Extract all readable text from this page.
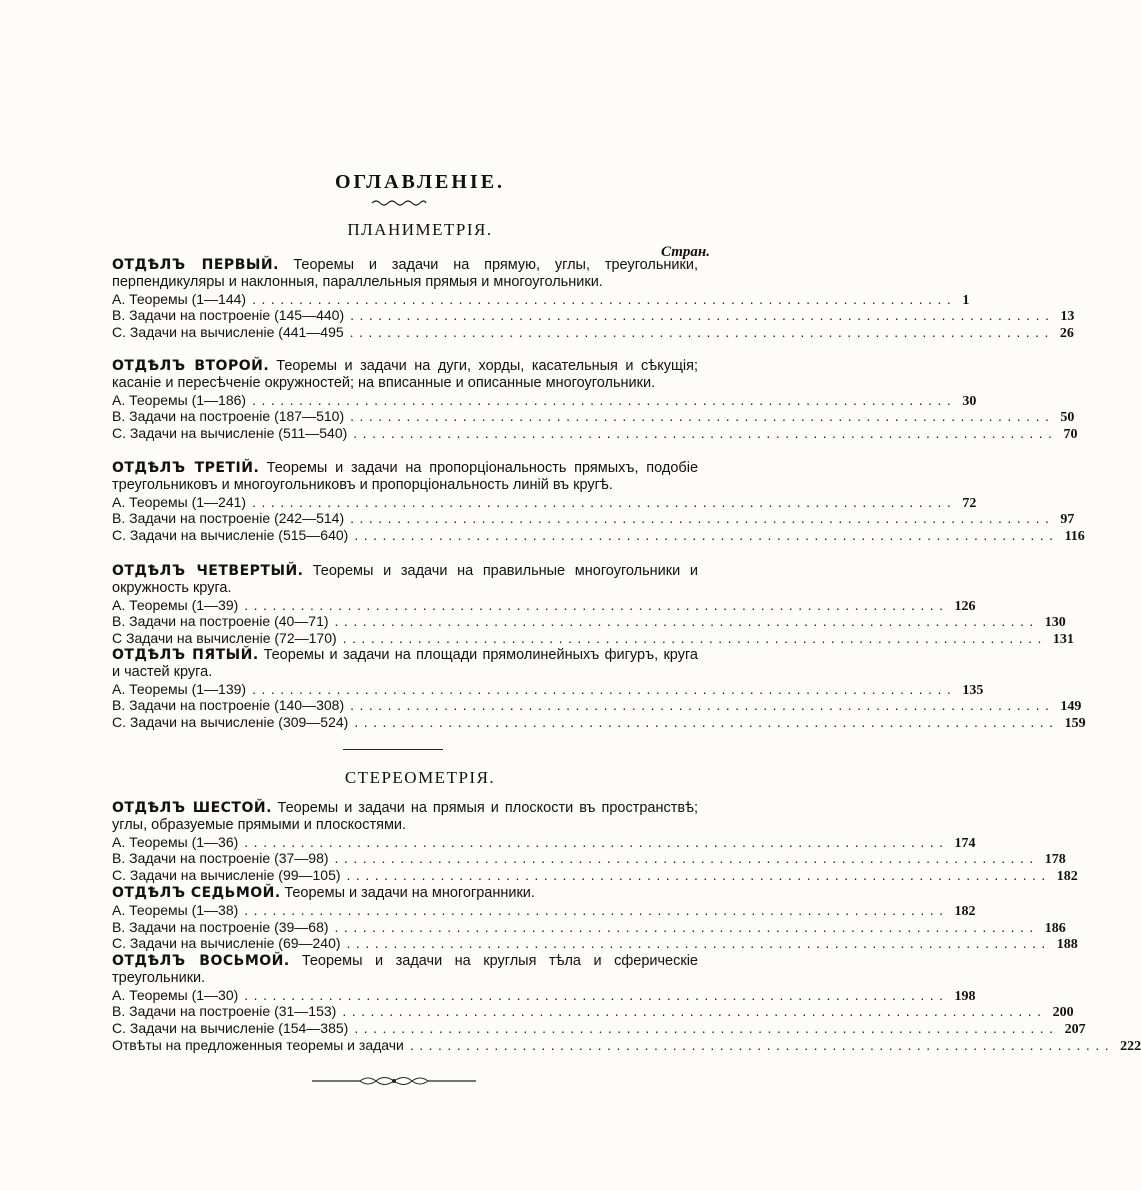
ОГЛАВЛЕНІЕ.
ПЛАНИМЕТРІЯ.
Стран.
ОТДѢЛЪ ПЕРВЫЙ. Теоремы и задачи на прямую, углы, треугольники, перпендикуляры и наклонныя, параллельныя прямыя и многоугольники.
A. Теоремы (1—144) ........................................................................... 1
B. Задачи на построеніе (145—440) ........................................................................... 13
C. Задачи на вычисленіе (441—495 ........................................................................... 26
ОТДѢЛЪ ВТОРОЙ. Теоремы и задачи на дуги, хорды, касательныя и сѣкущія; касаніе и пересѣченіе окружностей; на вписанные и описанные многоугольники.
A. Теоремы (1—186) ........................................................................... 30
B. Задачи на построеніе (187—510) ........................................................................... 50
C. Задачи на вычисленіе (511—540) ........................................................................... 70
ОТДѢЛЪ ТРЕТІЙ. Теоремы и задачи на пропорціональность прямыхъ, подобіе треугольниковъ и многоугольниковъ и пропорціональность линій въ кругѣ.
A. Теоремы (1—241) ........................................................................... 72
B. Задачи на построеніе (242—514) ........................................................................... 97
C. Задачи на вычисленіе (515—640) ........................................................................... 116
ОТДѢЛЪ ЧЕТВЕРТЫЙ. Теоремы и задачи на правильные многоугольники и окружность круга.
A. Теоремы (1—39) ........................................................................... 126
B. Задачи на построеніе (40—71) ........................................................................... 130
C Задачи на вычисленіе (72—170) ........................................................................... 131
ОТДѢЛЪ ПЯТЫЙ. Теоремы и задачи на площади прямолинейныхъ фигуръ, круга и частей круга.
A. Теоремы (1—139) ........................................................................... 135
B. Задачи на построеніе (140—308) ........................................................................... 149
C. Задачи на вычисленіе (309—524) ........................................................................... 159
СТЕРЕОМЕТРІЯ.
ОТДѢЛЪ ШЕСТОЙ. Теоремы и задачи на прямыя и плоскости въ пространствѣ; углы, образуемые прямыми и плоскостями.
A. Теоремы (1—36) ........................................................................... 174
B. Задачи на построеніе (37—98) ........................................................................... 178
C. Задачи на вычисленіе (99—105) ........................................................................... 182
ОТДѢЛЪ СЕДЬМОЙ. Теоремы и задачи на многогранники.
A. Теоремы (1—38) ........................................................................... 182
B. Задачи на построеніе (39—68) ........................................................................... 186
C. Задачи на вычисленіе (69—240) ........................................................................... 188
ОТДѢЛЪ ВОСЬМОЙ. Теоремы и задачи на круглыя тѣла и сферическіе треугольники.
A. Теоремы (1—30) ........................................................................... 198
B. Задачи на построеніе (31—153) ........................................................................... 200
C. Задачи на вычисленіе (154—385) ........................................................................... 207
Отвѣты на предложенныя теоремы и задачи ........................................................................... 222
